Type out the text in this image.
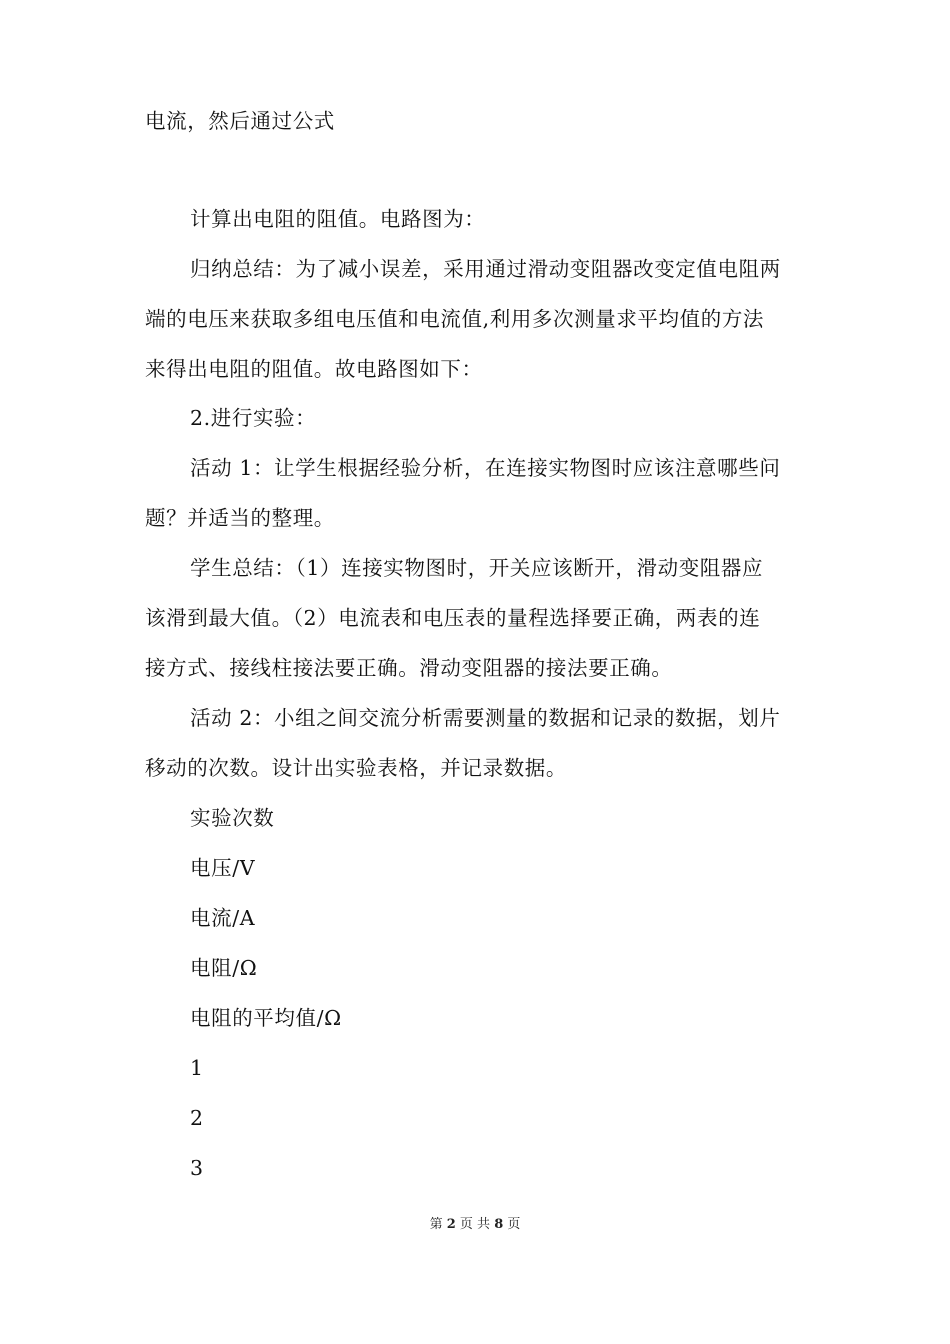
电流，然后通过公式
计算出电阻的阻值。电路图为：
归纳总结：为了减小误差，采用通过滑动变阻器改变定值电阻两
端的电压来获取多组电压值和电流值,利用多次测量求平均值的方法
来得出电阻的阻值。故电路图如下：
2.进行实验：
活动 1：让学生根据经验分析，在连接实物图时应该注意哪些问
题？并适当的整理。
学生总结：（1）连接实物图时，开关应该断开，滑动变阻器应
该滑到最大值。（2）电流表和电压表的量程选择要正确，两表的连
接方式、接线柱接法要正确。滑动变阻器的接法要正确。
活动 2：小组之间交流分析需要测量的数据和记录的数据，划片
移动的次数。设计出实验表格，并记录数据。
实验次数
电压/V
电流/A
电阻/Ω
电阻的平均值/Ω
1
2
3
第 2 页 共 8 页
